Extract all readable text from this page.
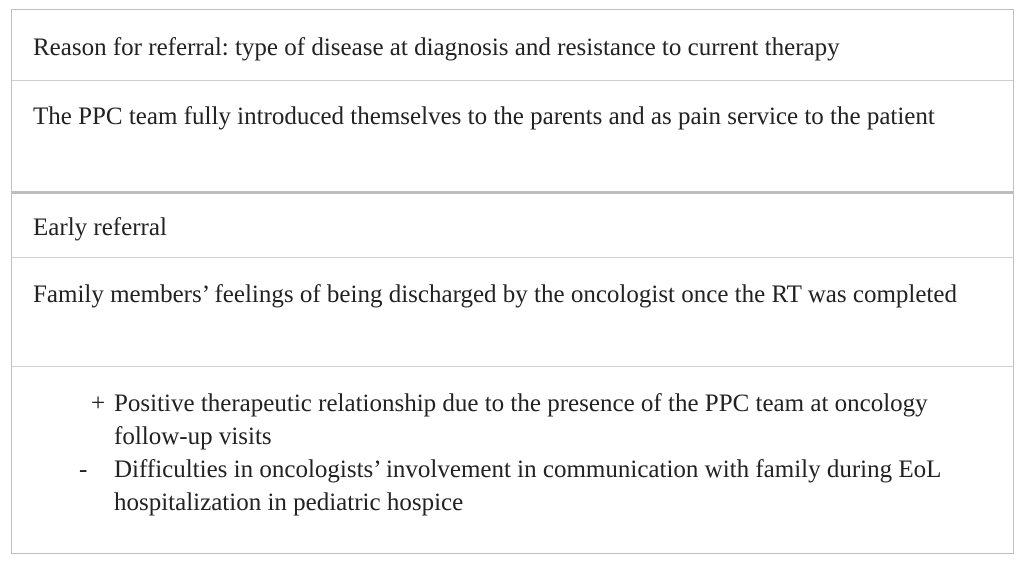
Reason for referral: type of disease at diagnosis and resistance to current therapy
The PPC team fully introduced themselves to the parents and as pain service to the patient
Early referral
Family members’ feelings of being discharged by the oncologist once the RT was completed
+ Positive therapeutic relationship due to the presence of the PPC team at oncology follow-up visits
-	Difficulties in oncologists’ involvement in communication with family during EoL hospitalization in pediatric hospice
